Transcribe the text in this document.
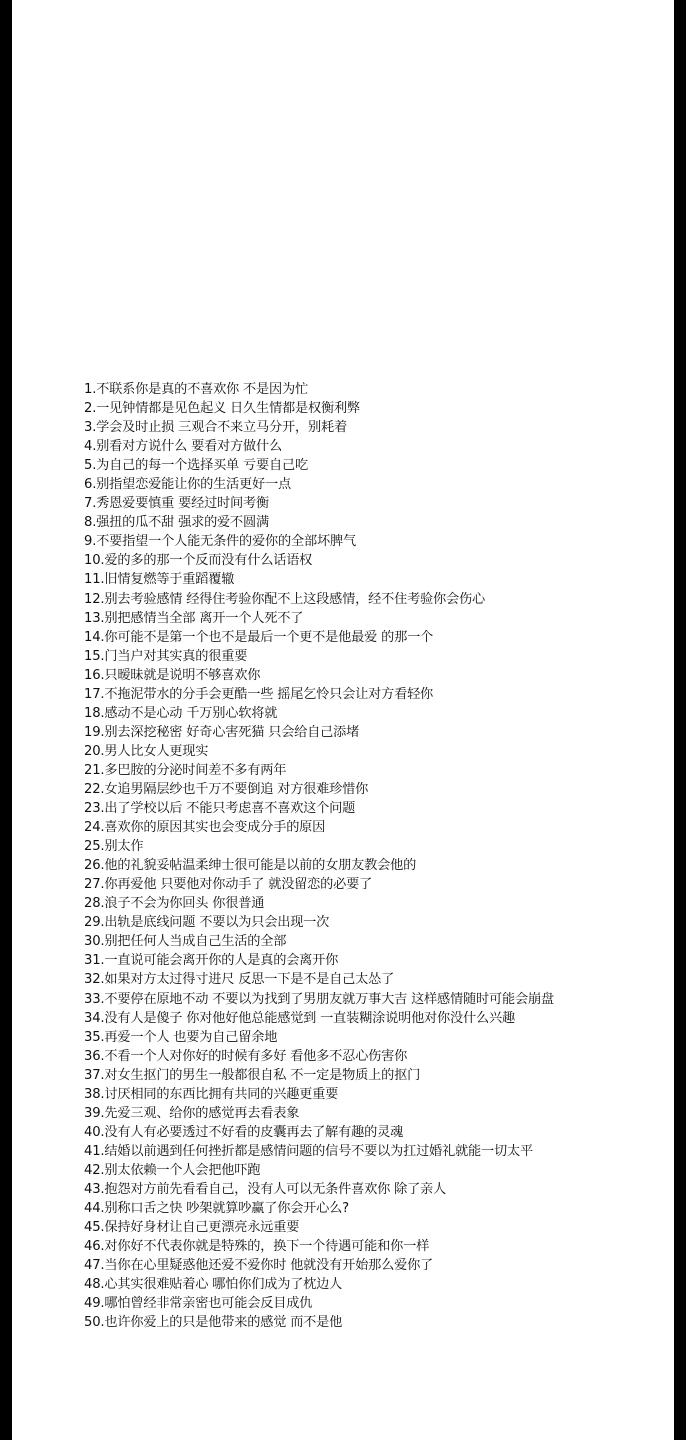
1.不联系你是真的不喜欢你 不是因为忙
2.一见钟情都是见色起义 日久生情都是权衡利弊
3.学会及时止损 三观合不来立马分开，别耗着
4.别看对方说什么 要看对方做什么
5.为自己的每一个选择买单 亏要自己吃
6.别指望恋爱能让你的生活更好一点
7.秀恩爱要慎重 要经过时间考衡
8.强扭的瓜不甜 强求的爱不圆满
9.不要指望一个人能无条件的爱你的全部坏脾气
10.爱的多的那一个反而没有什么话语权
11.旧情复燃等于重蹈覆辙
12.别去考验感情 经得住考验你配不上这段感情，经不住考验你会伤心
13.别把感情当全部 离开一个人死不了
14.你可能不是第一个也不是最后一个更不是他最爱 的那一个
15.门当户对其实真的很重要
16.只暧昧就是说明不够喜欢你
17.不拖泥带水的分手会更酷一些 摇尾乞怜只会让对方看轻你
18.感动不是心动 千万别心软将就
19.别去深挖秘密 好奇心害死猫 只会给自己添堵
20.男人比女人更现实
21.多巴胺的分泌时间差不多有两年
22.女追男隔层纱也千万不要倒追 对方很难珍惜你
23.出了学校以后 不能只考虑喜不喜欢这个问题
24.喜欢你的原因其实也会变成分手的原因
25.别太作
26.他的礼貌妥帖温柔绅士很可能是以前的女朋友教会他的
27.你再爱他 只要他对你动手了 就没留恋的必要了
28.浪子不会为你回头 你很普通
29.出轨是底线问题 不要以为只会出现一次
30.别把任何人当成自己生活的全部
31.一直说可能会离开你的人是真的会离开你
32.如果对方太过得寸进尺 反思一下是不是自己太怂了
33.不要停在原地不动 不要以为找到了男朋友就万事大吉 这样感情随时可能会崩盘
34.没有人是傻子 你对他好他总能感觉到 一直装糊涂说明他对你没什么兴趣
35.再爱一个人 也要为自己留余地
36.不看一个人对你好的时候有多好 看他多不忍心伤害你
37.对女生抠门的男生一般都很自私 不一定是物质上的抠门
38.讨厌相同的东西比拥有共同的兴趣更重要
39.先爱三观、给你的感觉再去看表象
40.没有人有必要透过不好看的皮囊再去了解有趣的灵魂
41.结婚以前遇到任何挫折都是感情问题的信号不要以为扛过婚礼就能一切太平
42.别太依赖一个人会把他吓跑
43.抱怨对方前先看看自己，没有人可以无条件喜欢你 除了亲人
44.别称口舌之快 吵架就算吵赢了你会开心么?
45.保持好身材让自己更漂亮永远重要
46.对你好不代表你就是特殊的，换下一个待遇可能和你一样
47.当你在心里疑惑他还爱不爱你时 他就没有开始那么爱你了
48.心其实很难贴着心 哪怕你们成为了枕边人
49.哪怕曾经非常亲密也可能会反目成仇
50.也许你爱上的只是他带来的感觉 而不是他
